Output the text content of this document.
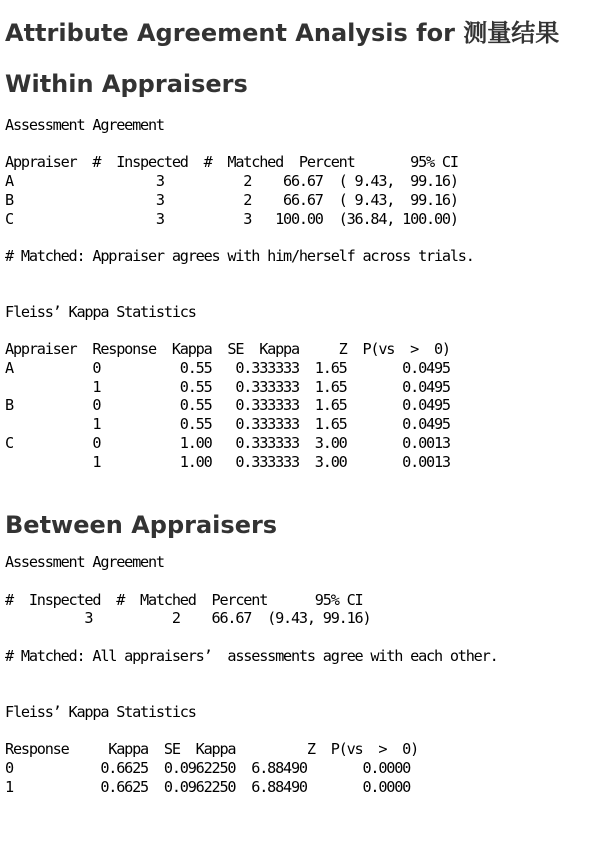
Attribute Agreement Analysis for 测量结果
Within Appraisers
Assessment Agreement
Appraiser  #  Inspected  #  Matched  Percent       95% CI
A                  3          2    66.67  ( 9.43,  99.16)
B                  3          2    66.67  ( 9.43,  99.16)
C                  3          3   100.00  (36.84, 100.00)
# Matched: Appraiser agrees with him/herself across trials.
Fleiss’ Kappa Statistics
Appraiser  Response  Kappa  SE  Kappa     Z  P(vs  >  0)
A          0          0.55   0.333333  1.65       0.0495
1          0.55   0.333333  1.65       0.0495
B          0          0.55   0.333333  1.65       0.0495
1          0.55   0.333333  1.65       0.0495
C          0          1.00   0.333333  3.00       0.0013
1          1.00   0.333333  3.00       0.0013
Between Appraisers
Assessment Agreement
#  Inspected  #  Matched  Percent      95% CI
3          2    66.67  (9.43, 99.16)
# Matched: All appraisers’  assessments agree with each other.
Fleiss’ Kappa Statistics
Response     Kappa  SE  Kappa         Z  P(vs  >  0)
0           0.6625  0.0962250  6.88490       0.0000
1           0.6625  0.0962250  6.88490       0.0000
